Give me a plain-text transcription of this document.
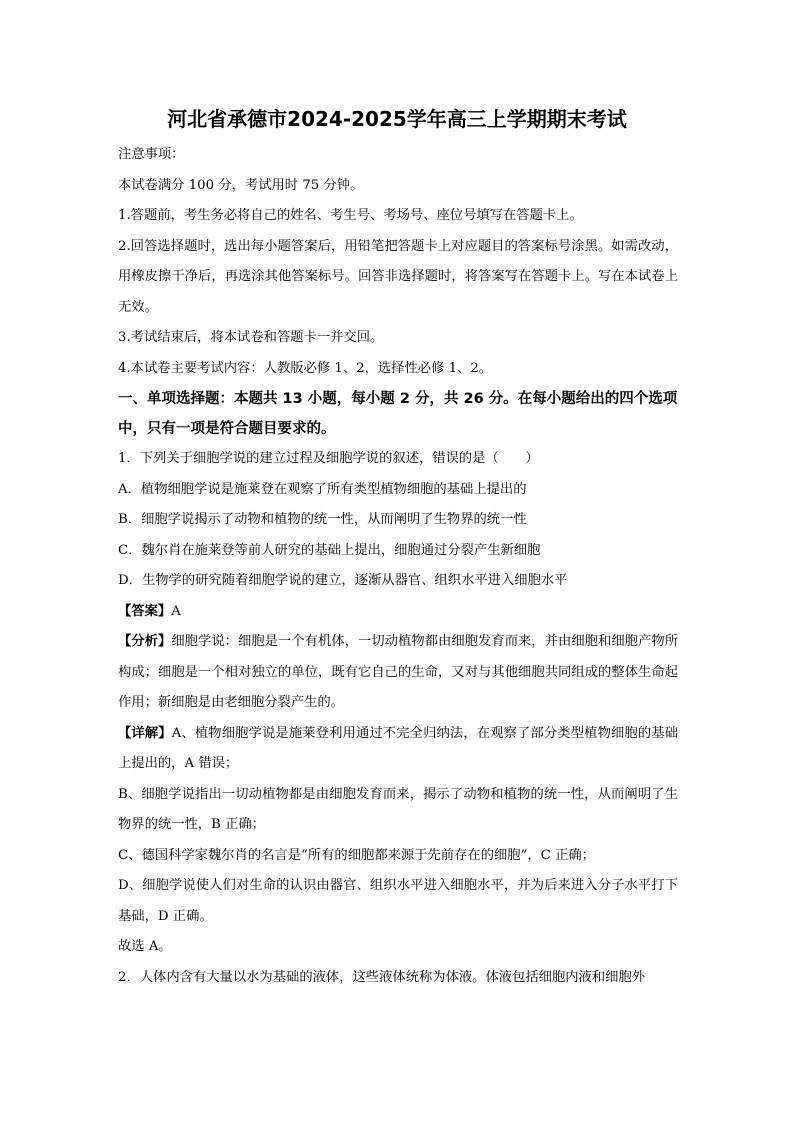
河北省承德市2024-2025学年高三上学期期末考试

注意事项：

本试卷满分 100 分，考试用时 75 分钟。

1.答题前，考生务必将自己的姓名、考生号、考场号、座位号填写在答题卡上。

2.回答选择题时，选出每小题答案后，用铅笔把答题卡上对应题目的答案标号涂黑。如需改动，用橡皮擦干净后，再选涂其他答案标号。回答非选择题时，将答案写在答题卡上。写在本试卷上无效。

3.考试结束后，将本试卷和答题卡一并交回。

4.本试卷主要考试内容：人教版必修 1、2，选择性必修 1、2。

一、单项选择题：本题共 13 小题，每小题 2 分，共 26 分。在每小题给出的四个选项中，只有一项是符合题目要求的。

1．下列关于细胞学说的建立过程及细胞学说的叙述，错误的是（　　）

A．植物细胞学说是施莱登在观察了所有类型植物细胞的基础上提出的

B．细胞学说揭示了动物和植物的统一性，从而阐明了生物界的统一性

C．魏尔肖在施莱登等前人研究的基础上提出，细胞通过分裂产生新细胞

D．生物学的研究随着细胞学说的建立，逐渐从器官、组织水平进入细胞水平

【答案】A

【分析】细胞学说：细胞是一个有机体，一切动植物都由细胞发育而来，并由细胞和细胞产物所构成；细胞是一个相对独立的单位，既有它自己的生命，又对与其他细胞共同组成的整体生命起作用；新细胞是由老细胞分裂产生的。

【详解】A、植物细胞学说是施莱登利用通过不完全归纳法，在观察了部分类型植物细胞的基础上提出的，A 错误；

B、细胞学说指出一切动植物都是由细胞发育而来，揭示了动物和植物的统一性，从而阐明了生物界的统一性，B 正确；

C、德国科学家魏尔肖的名言是“所有的细胞都来源于先前存在的细胞”，C 正确；

D、细胞学说使人们对生命的认识由器官、组织水平进入细胞水平，并为后来进入分子水平打下基础，D 正确。

故选 A。

2．人体内含有大量以水为基础的液体，这些液体统称为体液。体液包括细胞内液和细胞外
